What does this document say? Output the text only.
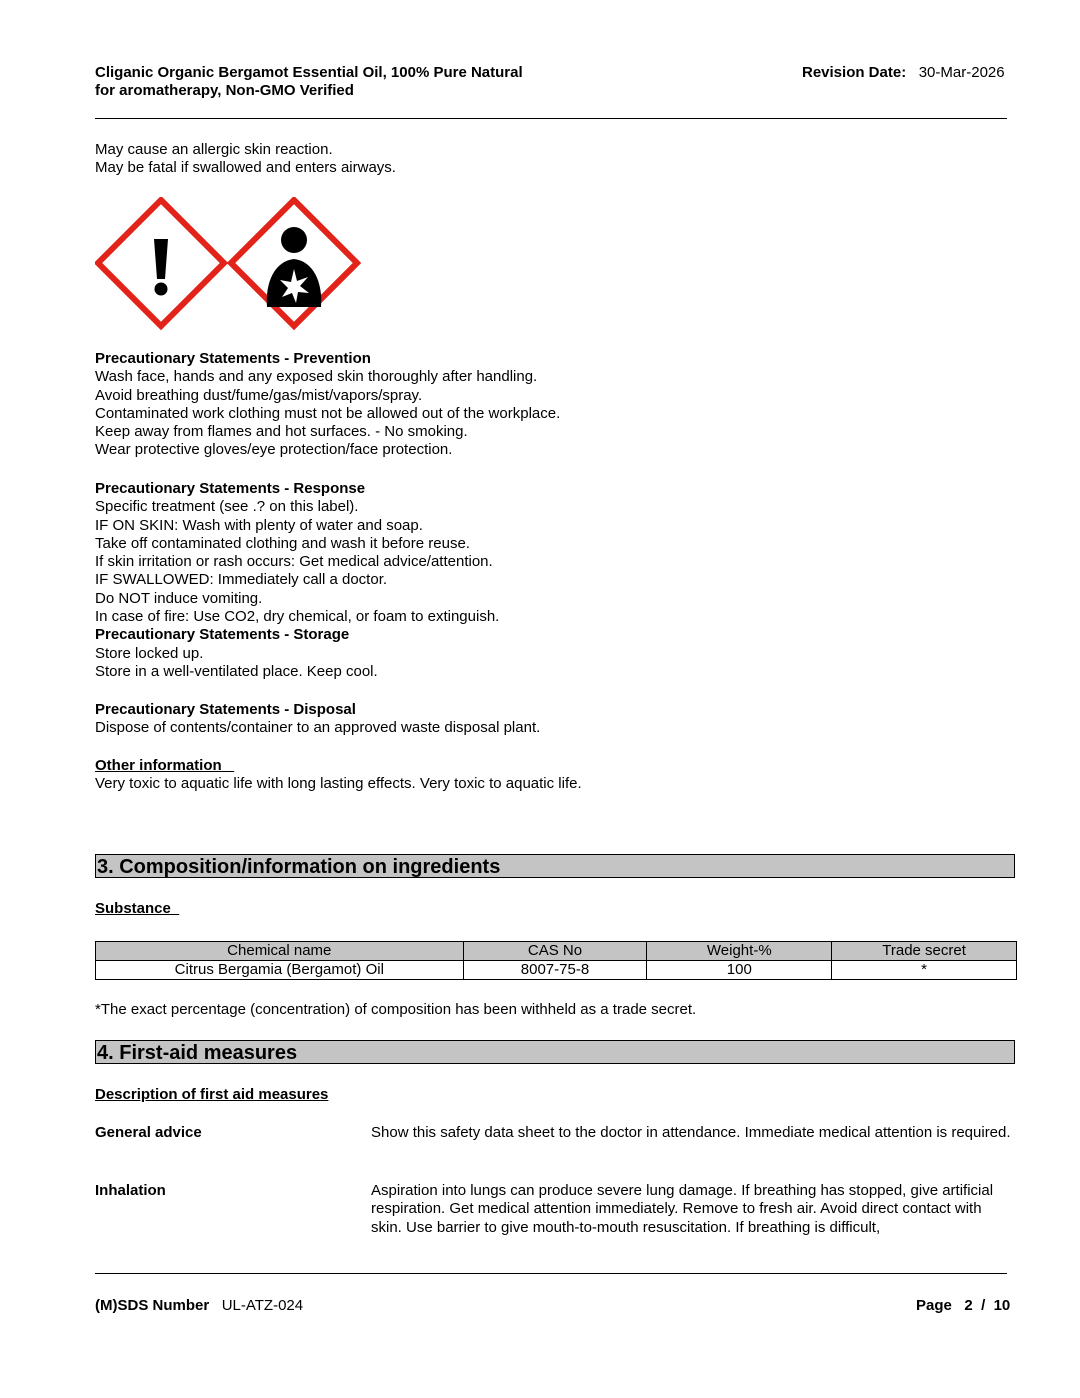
Cliganic Organic Bergamot Essential Oil, 100% Pure Natural
for aromatherapy, Non-GMO Verified
Revision Date: 30-Mar-2026
May cause an allergic skin reaction.
May be fatal if swallowed and enters airways.
Precautionary Statements - Prevention
Wash face, hands and any exposed skin thoroughly after handling.
Avoid breathing dust/fume/gas/mist/vapors/spray.
Contaminated work clothing must not be allowed out of the workplace.
Keep away from flames and hot surfaces. - No smoking.
Wear protective gloves/eye protection/face protection.
Precautionary Statements - Response
Specific treatment (see .? on this label).
IF ON SKIN: Wash with plenty of water and soap.
Take off contaminated clothing and wash it before reuse.
If skin irritation or rash occurs: Get medical advice/attention.
IF SWALLOWED: Immediately call a doctor.
Do NOT induce vomiting.
In case of fire: Use CO2, dry chemical, or foam to extinguish.
Precautionary Statements - Storage
Store locked up.
Store in a well-ventilated place. Keep cool.
Precautionary Statements - Disposal
Dispose of contents/container to an approved waste disposal plant.
Other information
Very toxic to aquatic life with long lasting effects. Very toxic to aquatic life.
3. Composition/information on ingredients
Substance
Chemical name	CAS No	Weight-%	Trade secret
Citrus Bergamia (Bergamot) Oil	8007-75-8	100	*
*The exact percentage (concentration) of composition has been withheld as a trade secret.
4. First-aid measures
Description of first aid measures
General advice	Show this safety data sheet to the doctor in attendance. Immediate medical attention is required.
Inhalation	Aspiration into lungs can produce severe lung damage. If breathing has stopped, give artificial respiration. Get medical attention immediately. Remove to fresh air. Avoid direct contact with skin. Use barrier to give mouth-to-mouth resuscitation. If breathing is difficult,
(M)SDS Number UL-ATZ-024	Page 2 / 10
